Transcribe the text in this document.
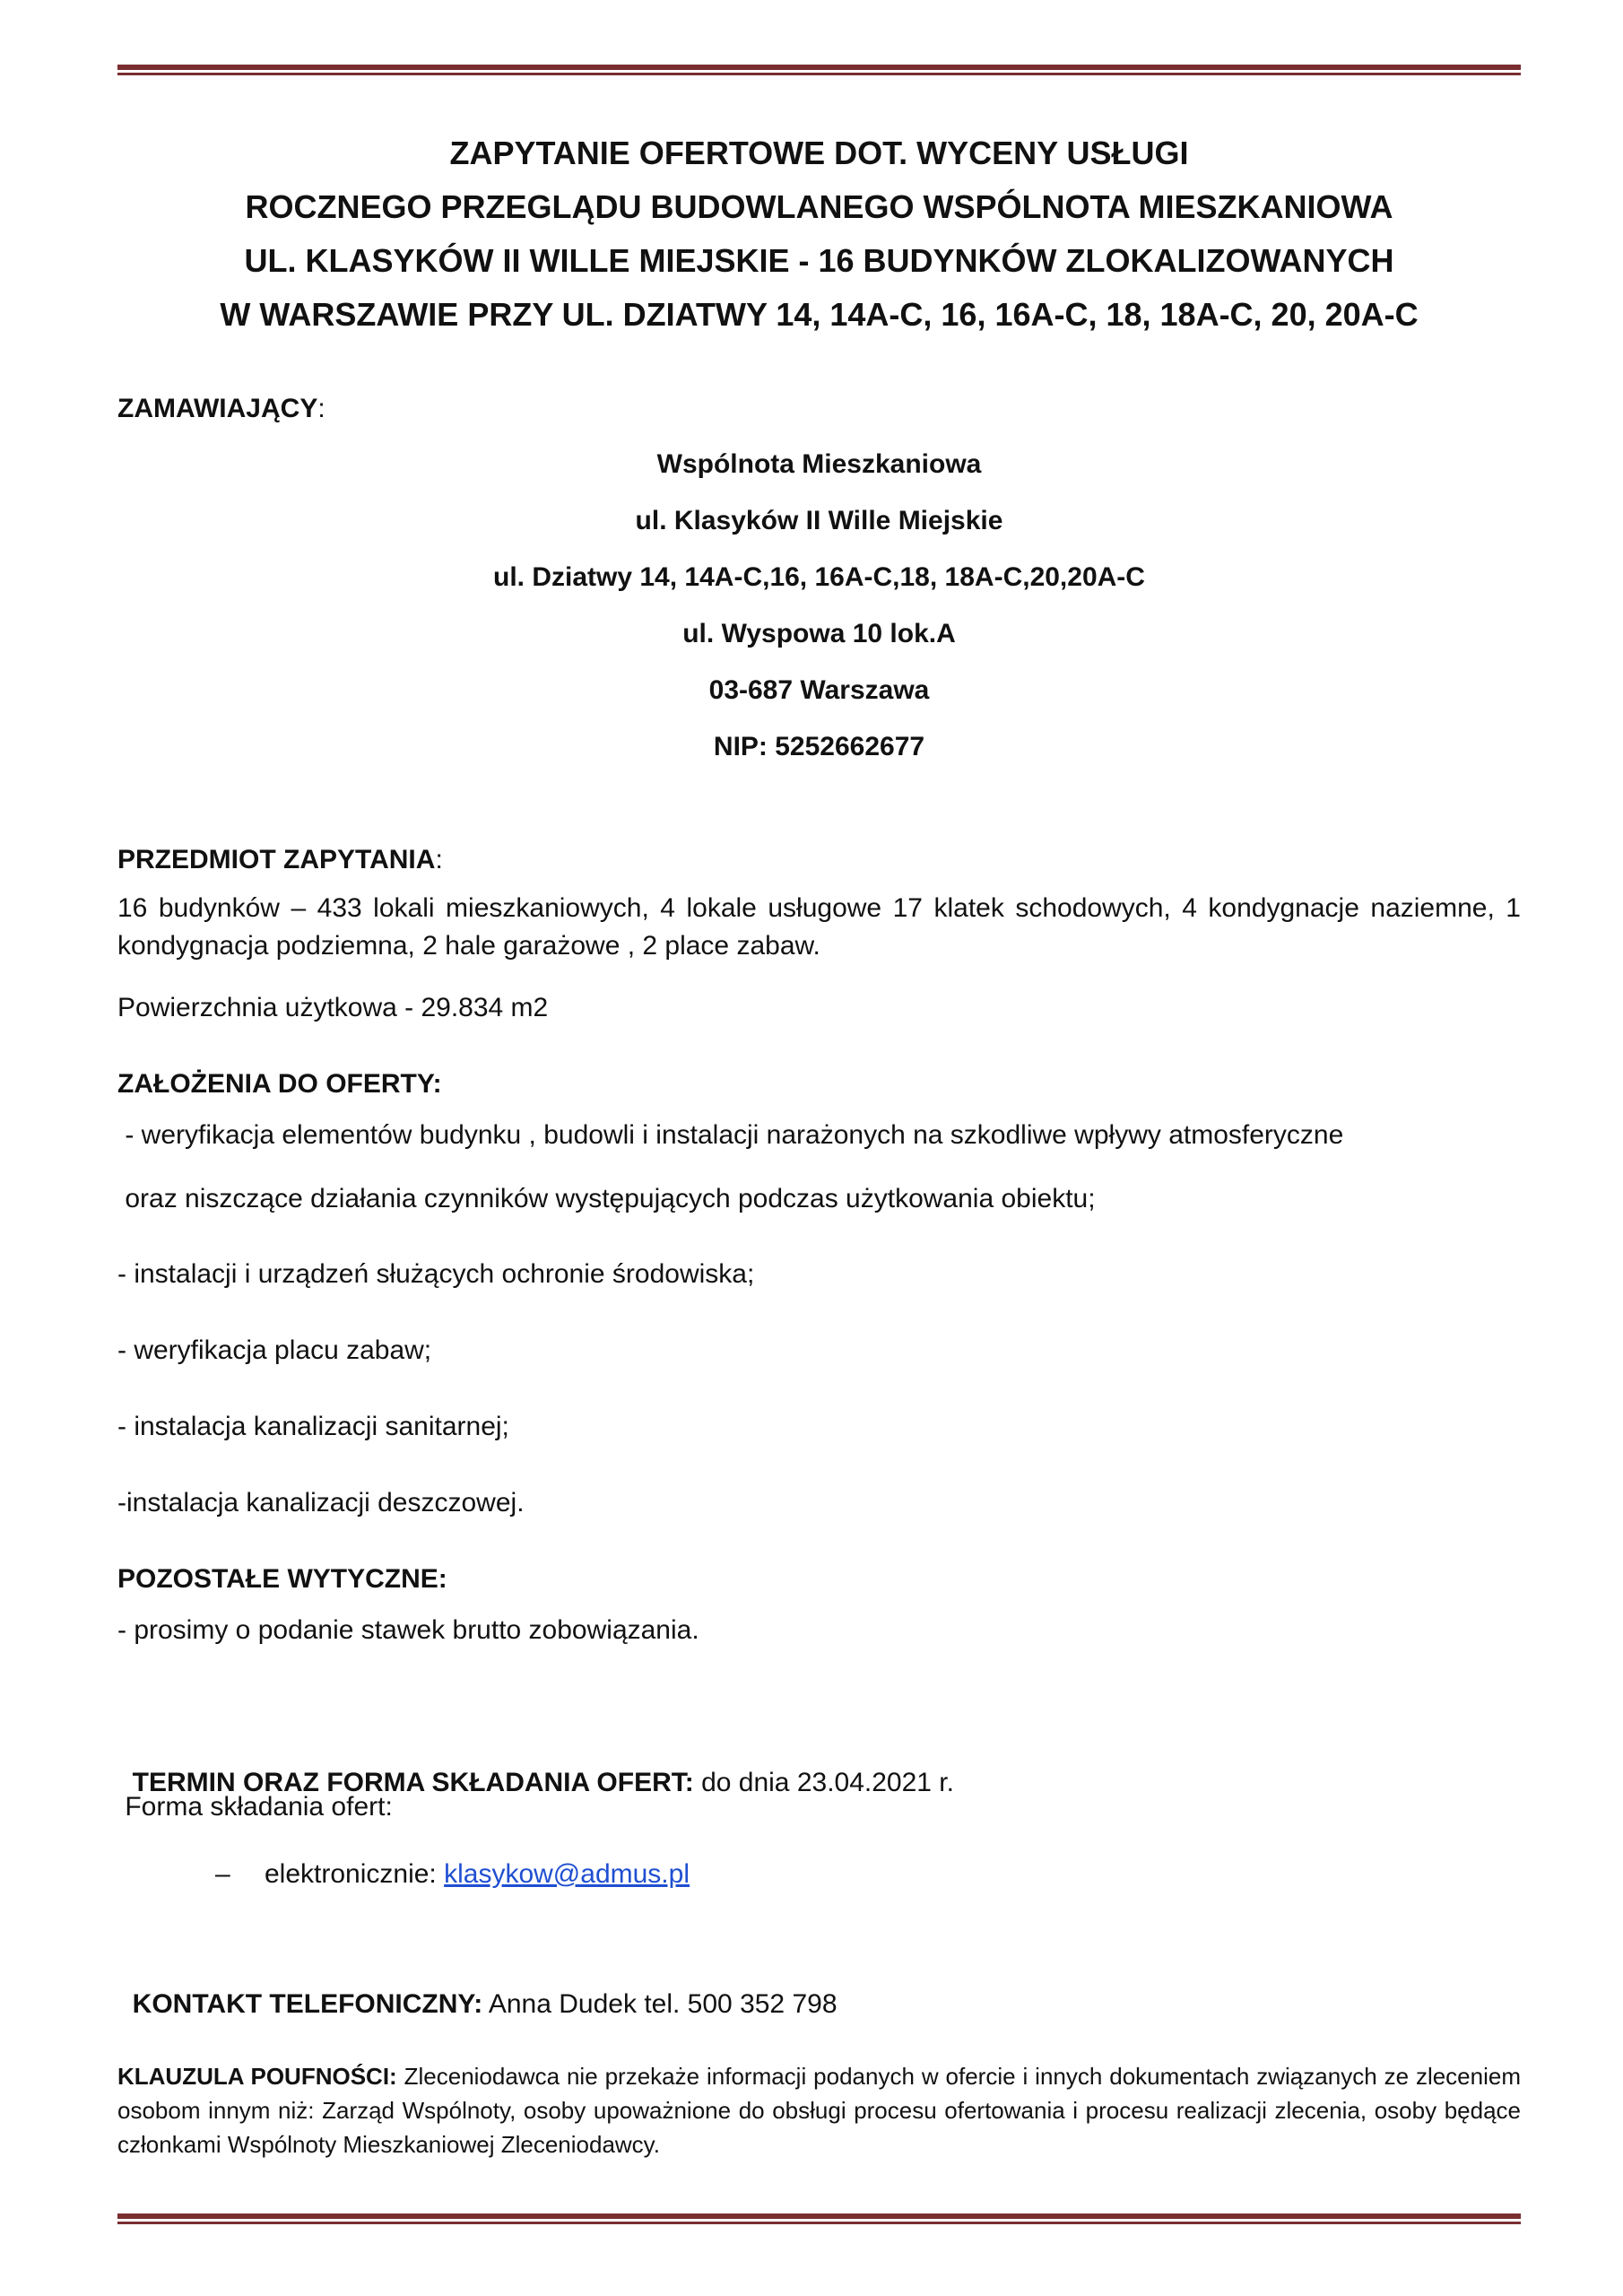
ZAPYTANIE OFERTOWE DOT. WYCENY USŁUGI
ROCZNEGO PRZEGLĄDU BUDOWLANEGO WSPÓLNOTA MIESZKANIOWA
UL. KLASYKÓW II WILLE MIEJSKIE - 16 BUDYNKÓW ZLOKALIZOWANYCH
W WARSZAWIE PRZY UL. DZIATWY 14, 14A-C, 16, 16A-C, 18, 18A-C, 20, 20A-C
ZAMAWIAJĄCY:
Wspólnota Mieszkaniowa
ul. Klasyków II Wille Miejskie
ul. Dziatwy 14, 14A-C,16, 16A-C,18, 18A-C,20,20A-C
ul. Wyspowa 10 lok.A
03-687 Warszawa
NIP: 5252662677
PRZEDMIOT ZAPYTANIA:
16 budynków – 433 lokali mieszkaniowych, 4 lokale usługowe 17 klatek schodowych, 4 kondygnacje naziemne, 1 kondygnacja podziemna, 2 hale garażowe , 2 place zabaw.
Powierzchnia użytkowa - 29.834 m2
ZAŁOŻENIA DO OFERTY:
- weryfikacja elementów budynku , budowli i instalacji narażonych na szkodliwe wpływy atmosferyczne
oraz niszczące działania czynników występujących podczas użytkowania obiektu;
- instalacji i urządzeń służących ochronie środowiska;
- weryfikacja placu zabaw;
- instalacja kanalizacji sanitarnej;
-instalacja kanalizacji deszczowej.
POZOSTAŁE WYTYCZNE:
- prosimy o podanie stawek brutto zobowiązania.

TERMIN ORAZ FORMA SKŁADANIA OFERT: do dnia 23.04.2021 r.

Forma składania ofert:
– elektronicznie: klasykow@admus.pl

KONTAKT TELEFONICZNY: Anna Dudek tel. 500 352 798

KLAUZULA POUFNOŚCI: Zleceniodawca nie przekaże informacji podanych w ofercie i innych dokumentach związanych ze zleceniem osobom innym niż: Zarząd Wspólnoty, osoby upoważnione do obsługi procesu ofertowania i procesu realizacji zlecenia, osoby będące członkami Wspólnoty Mieszkaniowej Zleceniodawcy.
